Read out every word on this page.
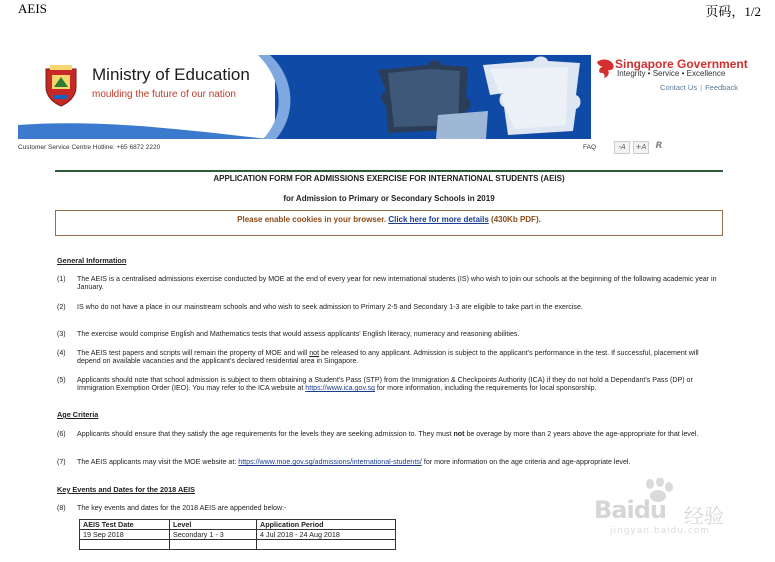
AEIS	页码，1/2
Ministry of Education
moulding the future of our nation
Singapore Government
Integrity • Service • Excellence
Contact Us | Feedback
Customer Service Centre Hotline: +65 6872 2220	FAQ	-A	+A	R
APPLICATION FORM FOR ADMISSIONS EXERCISE FOR INTERNATIONAL STUDENTS (AEIS)
for Admission to Primary or Secondary Schools in 2019
Please enable cookies in your browser. Click here for more details (430Kb PDF).
General Information
(1)	The AEIS is a centralised admissions exercise conducted by MOE at the end of every year for new international students (IS) who wish to join our schools at the beginning of the following academic year in January.
(2)	IS who do not have a place in our mainstream schools and who wish to seek admission to Primary 2-5 and Secondary 1-3 are eligible to take part in the exercise.
(3)	The exercise would comprise English and Mathematics tests that would assess applicants' English literacy, numeracy and reasoning abilities.
(4)	The AEIS test papers and scripts will remain the property of MOE and will not be released to any applicant. Admission is subject to the applicant's performance in the test. If successful, placement will depend on available vacancies and the applicant's declared residential area in Singapore.
(5)	Applicants should note that school admission is subject to them obtaining a Student's Pass (STP) from the Immigration & Checkpoints Authority (ICA) if they do not hold a Dependant's Pass (DP) or Immigration Exemption Order (IEO). You may refer to the ICA website at https://www.ica.gov.sg for more information, including the requirements for local sponsorship.
Age Criteria
(6)	Applicants should ensure that they satisfy the age requirements for the levels they are seeking admission to. They must not be overage by more than 2 years above the age-appropriate for that level.
(7)	The AEIS applicants may visit the MOE website at: https://www.moe.gov.sg/admissions/international-students/ for more information on the age criteria and age-appropriate level.
Key Events and Dates for the 2018 AEIS
(8)	The key events and dates for the 2018 AEIS are appended below:-
AEIS Test Date	Level	Application Period
19 Sep 2018	Secondary 1 - 3	4 Jul 2018 - 24 Aug 2018

Baidu 经验
jingyan.baidu.com
